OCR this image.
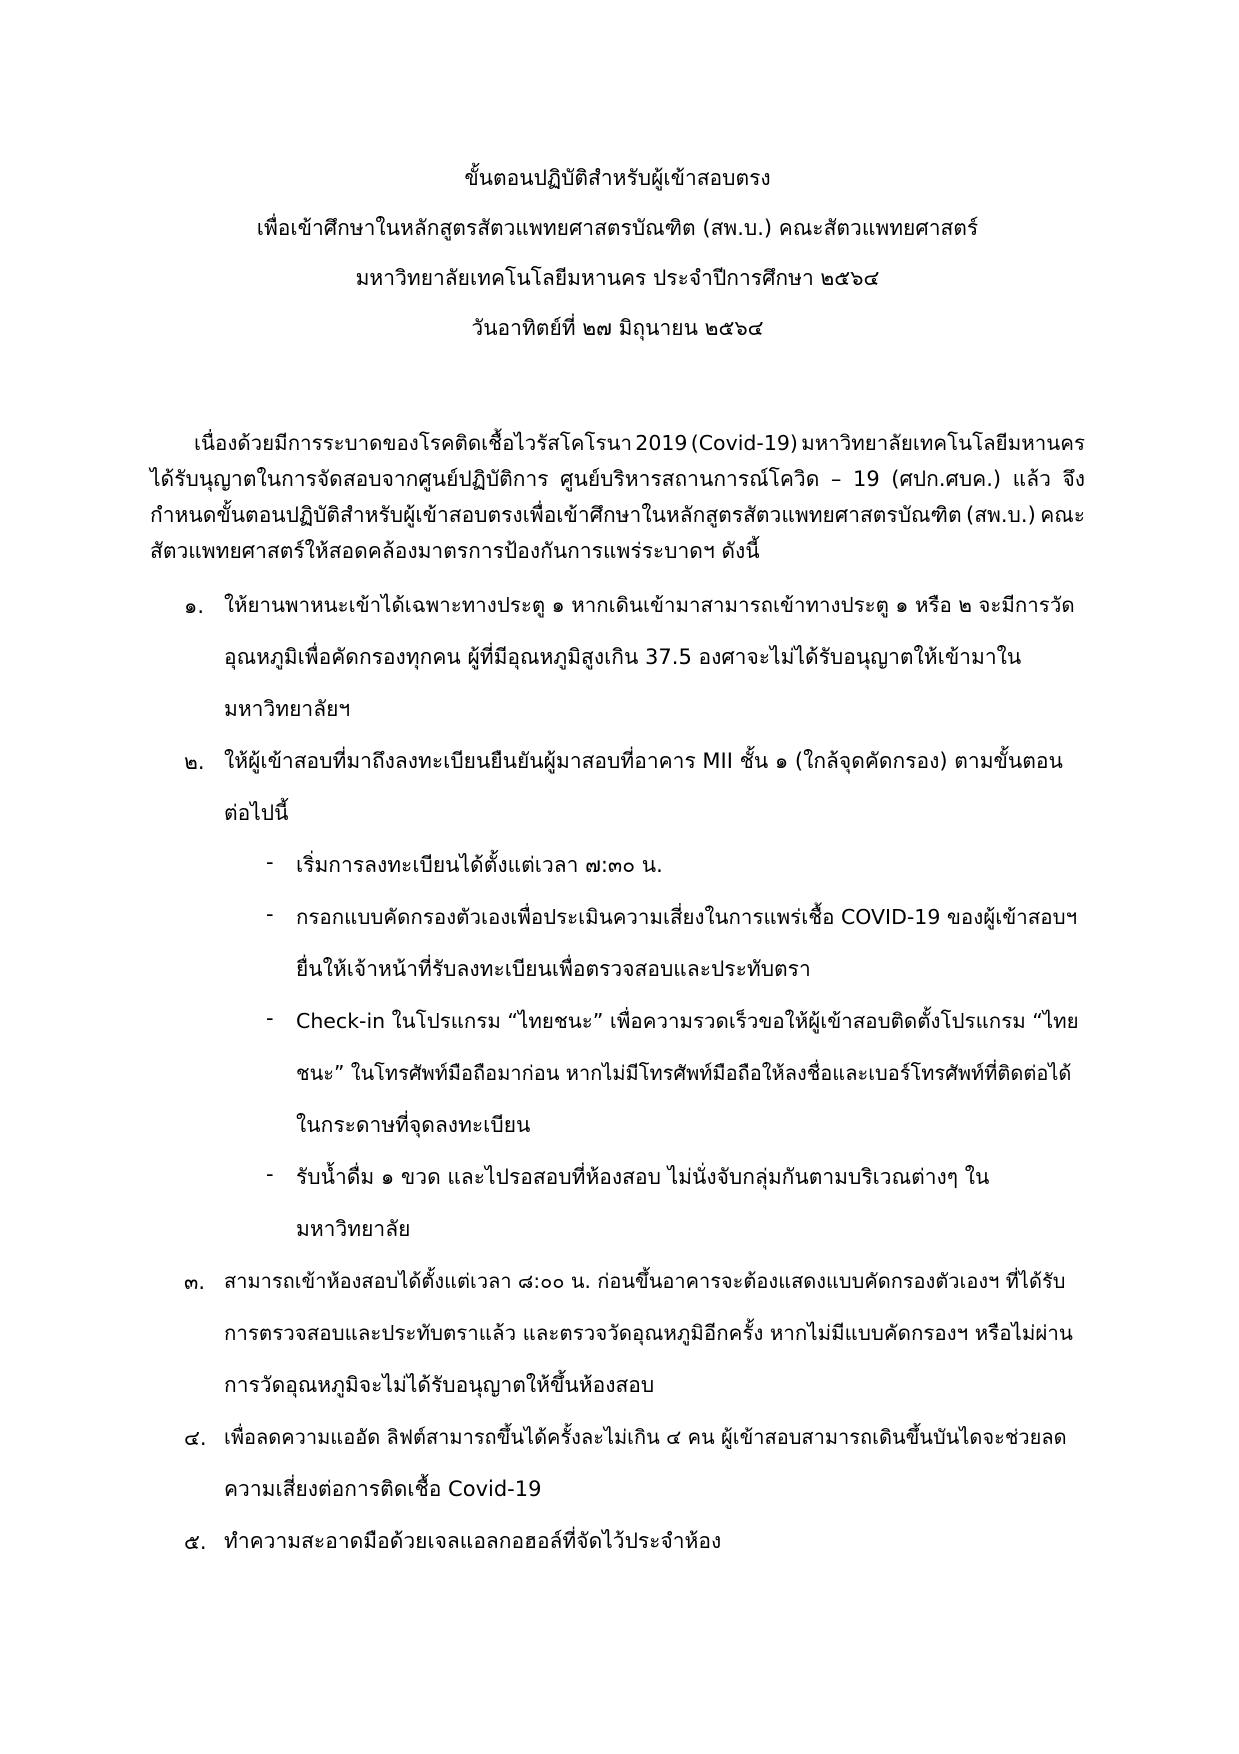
ขั้นตอนปฏิบัติสำหรับผู้เข้าสอบตรง
เพื่อเข้าศึกษาในหลักสูตรสัตวแพทยศาสตรบัณฑิต (สพ.บ.) คณะสัตวแพทยศาสตร์
มหาวิทยาลัยเทคโนโลยีมหานคร ประจำปีการศึกษา ๒๕๖๔
วันอาทิตย์ที่ ๒๗ มิถุนายน ๒๕๖๔
เนื่องด้วยมีการระบาดของโรคติดเชื้อไวรัสโคโรนา 2019 (Covid-19) มหาวิทยาลัยเทคโนโลยีมหานคร
ได้รับนุญาตในการจัดสอบจากศูนย์ปฏิบัติการ ศูนย์บริหารสถานการณ์โควิด – 19 (ศปก.ศบค.) แล้ว จึง
กำหนดขั้นตอนปฏิบัติสำหรับผู้เข้าสอบตรงเพื่อเข้าศึกษาในหลักสูตรสัตวแพทยศาสตรบัณฑิต (สพ.บ.) คณะ
สัตวแพทยศาสตร์ให้สอดคล้องมาตรการป้องกันการแพร่ระบาดฯ ดังนี้
๑. ให้ยานพาหนะเข้าได้เฉพาะทางประตู ๑ หากเดินเข้ามาสามารถเข้าทางประตู ๑ หรือ ๒ จะมีการวัด
อุณหภูมิเพื่อคัดกรองทุกคน ผู้ที่มีอุณหภูมิสูงเกิน 37.5 องศาจะไม่ได้รับอนุญาตให้เข้ามาใน
มหาวิทยาลัยฯ
๒. ให้ผู้เข้าสอบที่มาถึงลงทะเบียนยืนยันผู้มาสอบที่อาคาร MII ชั้น ๑ (ใกล้จุดคัดกรอง) ตามขั้นตอน
ต่อไปนี้
-	เริ่มการลงทะเบียนได้ตั้งแต่เวลา ๗:๓๐ น.
-	กรอกแบบคัดกรองตัวเองเพื่อประเมินความเสี่ยงในการแพร่เชื้อ COVID-19 ของผู้เข้าสอบฯ
ยื่นให้เจ้าหน้าที่รับลงทะเบียนเพื่อตรวจสอบและประทับตรา
-	Check-in ในโปรแกรม “ไทยชนะ” เพื่อความรวดเร็วขอให้ผู้เข้าสอบติดตั้งโปรแกรม “ไทย
ชนะ” ในโทรศัพท์มือถือมาก่อน หากไม่มีโทรศัพท์มือถือให้ลงชื่อและเบอร์โทรศัพท์ที่ติดต่อได้
ในกระดาษที่จุดลงทะเบียน
-	รับน้ำดื่ม ๑ ขวด และไปรอสอบที่ห้องสอบ ไม่นั่งจับกลุ่มกันตามบริเวณต่างๆ ใน
มหาวิทยาลัย
๓. สามารถเข้าห้องสอบได้ตั้งแต่เวลา ๘:๐๐ น. ก่อนขึ้นอาคารจะต้องแสดงแบบคัดกรองตัวเองฯ ที่ได้รับ
การตรวจสอบและประทับตราแล้ว และตรวจวัดอุณหภูมิอีกครั้ง หากไม่มีแบบคัดกรองฯ หรือไม่ผ่าน
การวัดอุณหภูมิจะไม่ได้รับอนุญาตให้ขึ้นห้องสอบ
๔. เพื่อลดความแออัด ลิฟต์สามารถขึ้นได้ครั้งละไม่เกิน ๔ คน ผู้เข้าสอบสามารถเดินขึ้นบันไดจะช่วยลด
ความเสี่ยงต่อการติดเชื้อ Covid-19
๕. ทำความสะอาดมือด้วยเจลแอลกอฮอล์ที่จัดไว้ประจำห้อง
